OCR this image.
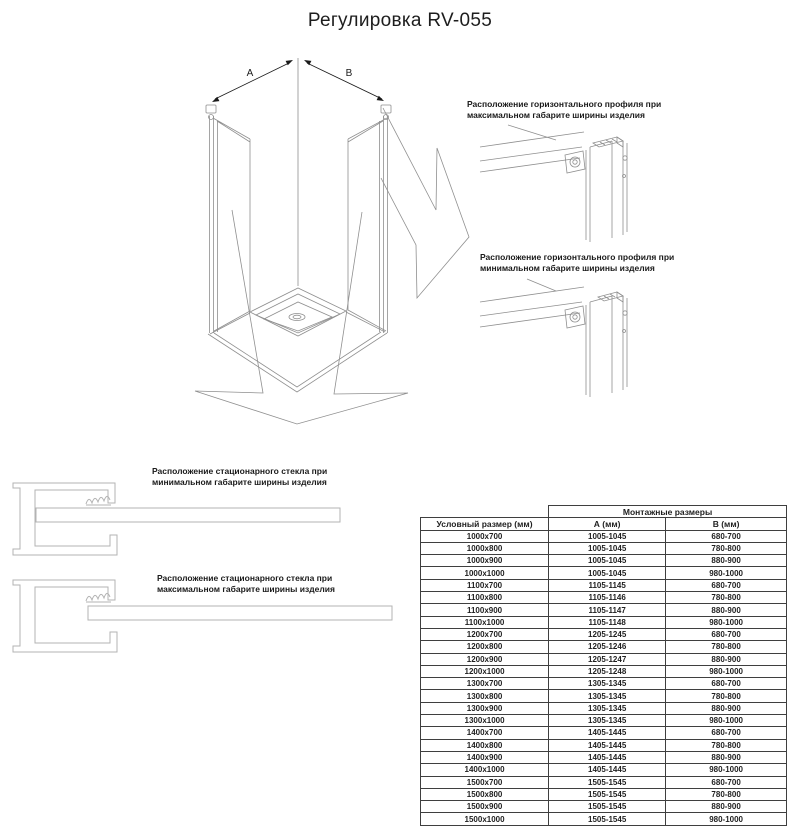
Регулировка RV-055
A	B
Расположение горизонтального профиля при максимальном габарите ширины изделия
Расположение горизонтального профиля при минимальном габарите ширины изделия
Расположение стационарного стекла при минимальном габарите ширины изделия
Расположение стационарного стекла при максимальном габарите ширины изделия
	Монтажные размеры	
Условный размер (мм)	А (мм)	В (мм)
1000x700	1005-1045	680-700
1000x800	1005-1045	780-800
1000x900	1005-1045	880-900
1000x1000	1005-1045	980-1000
1100x700	1105-1145	680-700
1100x800	1105-1146	780-800
1100x900	1105-1147	880-900
1100x1000	1105-1148	980-1000
1200x700	1205-1245	680-700
1200x800	1205-1246	780-800
1200x900	1205-1247	880-900
1200x1000	1205-1248	980-1000
1300x700	1305-1345	680-700
1300x800	1305-1345	780-800
1300x900	1305-1345	880-900
1300x1000	1305-1345	980-1000
1400x700	1405-1445	680-700
1400x800	1405-1445	780-800
1400x900	1405-1445	880-900
1400x1000	1405-1445	980-1000
1500x700	1505-1545	680-700
1500x800	1505-1545	780-800
1500x900	1505-1545	880-900
1500x1000	1505-1545	980-1000
